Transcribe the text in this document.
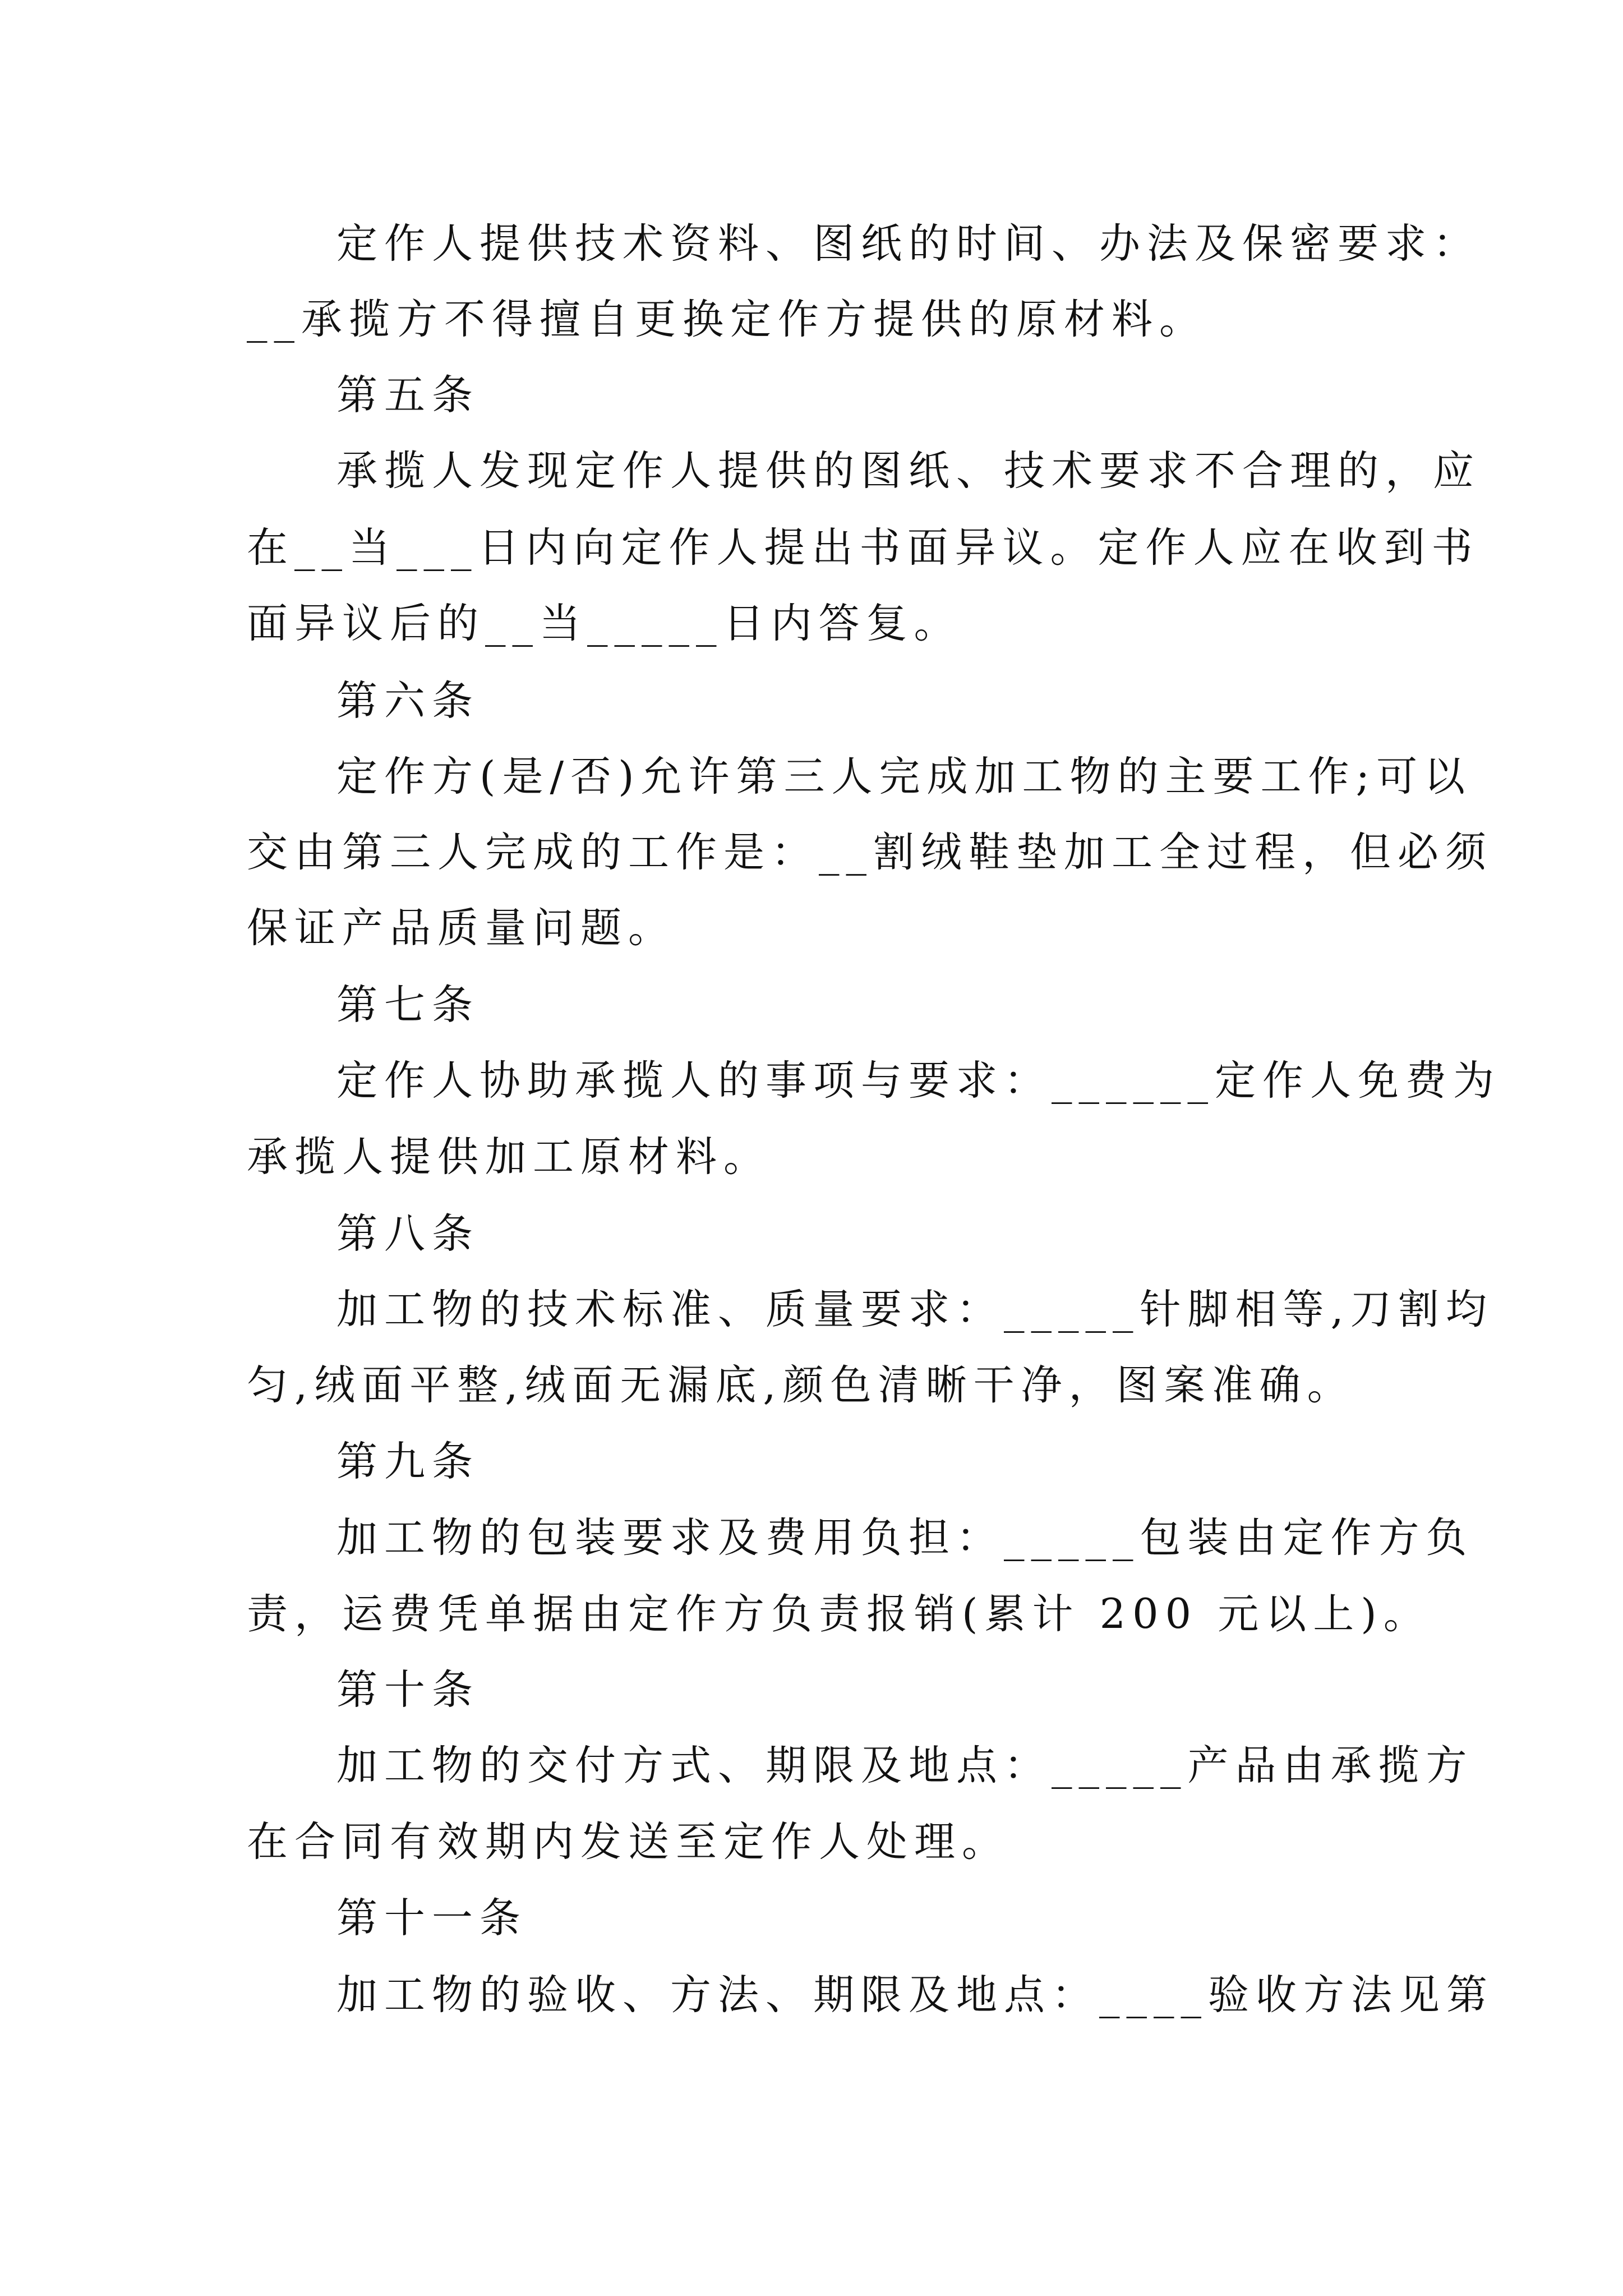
定作人提供技术资料、图纸的时间、办法及保密要求：
__承揽方不得擅自更换定作方提供的原材料。
第五条
承揽人发现定作人提供的图纸、技术要求不合理的，应
在__当___日内向定作人提出书面异议。定作人应在收到书
面异议后的__当_____日内答复。
第六条
定作方(是/否)允许第三人完成加工物的主要工作;可以
交由第三人完成的工作是：__割绒鞋垫加工全过程，但必须
保证产品质量问题。
第七条
定作人协助承揽人的事项与要求：______定作人免费为
承揽人提供加工原材料。
第八条
加工物的技术标准、质量要求：_____针脚相等,刀割均
匀,绒面平整,绒面无漏底,颜色清晰干净，图案准确。
第九条
加工物的包装要求及费用负担：_____包装由定作方负
责，运费凭单据由定作方负责报销(累计 200 元以上)。
第十条
加工物的交付方式、期限及地点：_____产品由承揽方
在合同有效期内发送至定作人处理。
第十一条
加工物的验收、方法、期限及地点：____验收方法见第
